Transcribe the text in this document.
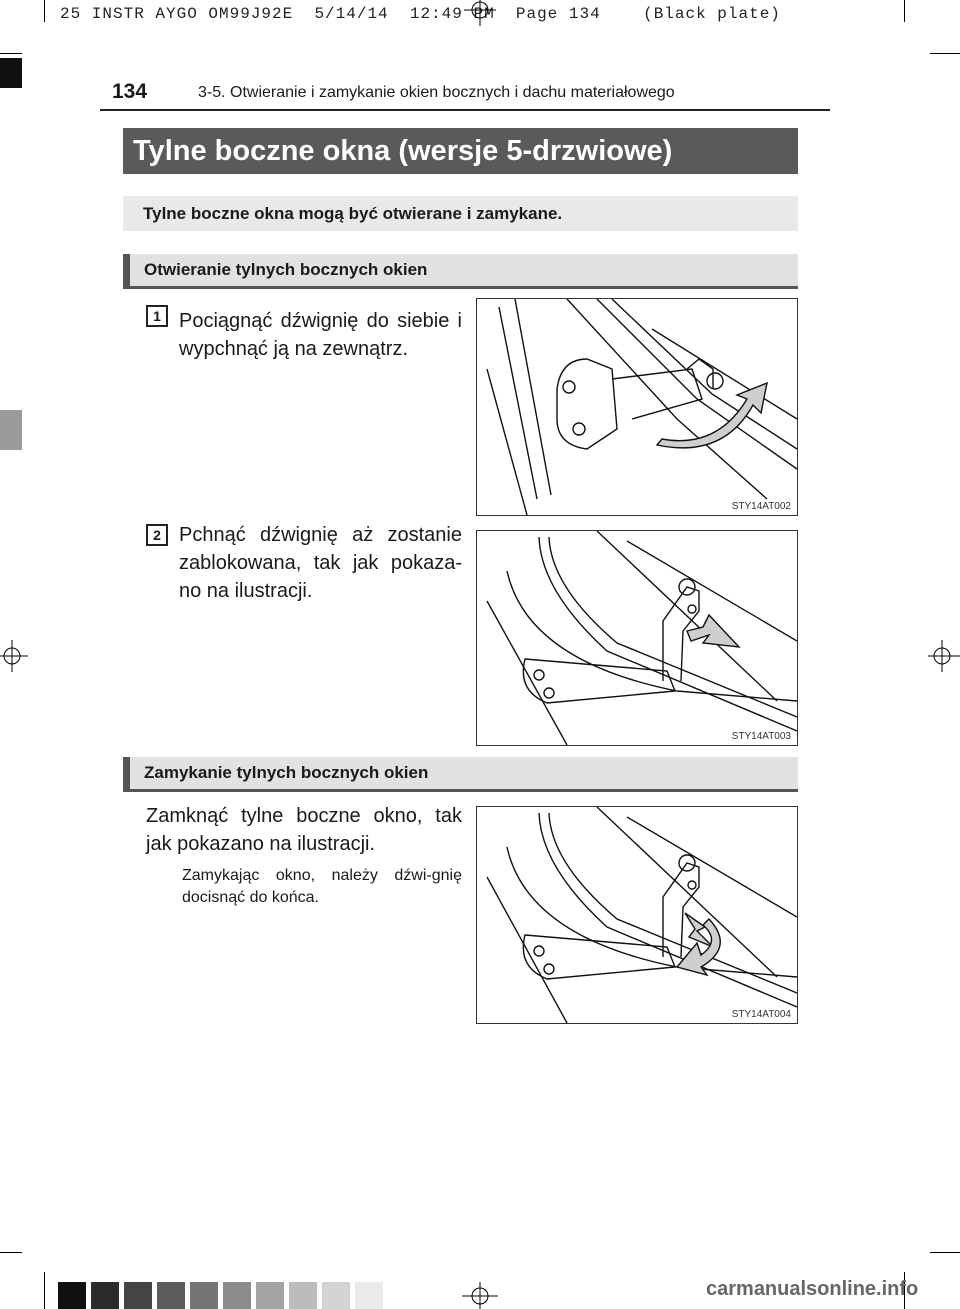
25 INSTR AYGO OM99J92E  5/14/14  12:49 PM  Page 134    (Black plate)
134	3-5. Otwieranie i zamykanie okien bocznych i dachu materiałowego
Tylne boczne okna (wersje 5-drzwiowe)
Tylne boczne okna mogą być otwierane i zamykane.
Otwieranie tylnych bocznych okien
1 Pociągnąć dźwignię do siebie i wypchnąć ją na zewnątrz.
STY14AT002
2 Pchnąć dźwignię aż zostanie zablokowana, tak jak pokaza-no na ilustracji.
STY14AT003
Zamykanie tylnych bocznych okien
Zamknąć tylne boczne okno, tak jak pokazano na ilustracji.
Zamykając okno, należy dźwi-gnię docisnąć do końca.
STY14AT004
carmanualsonline.info
